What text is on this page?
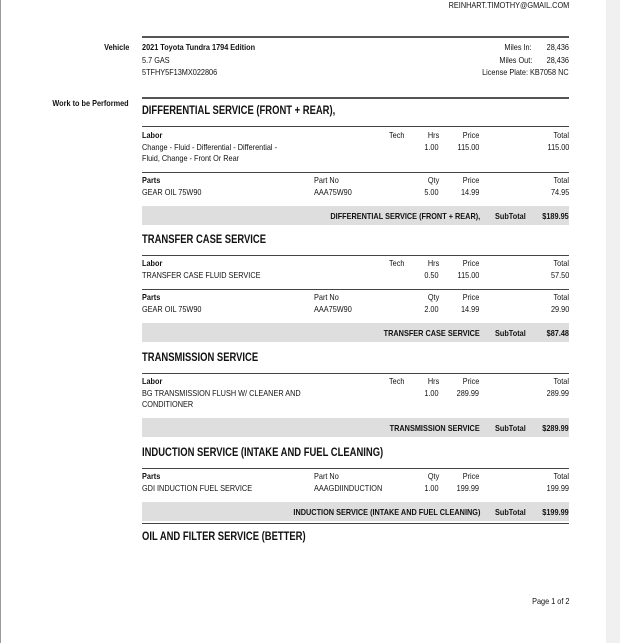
REINHART.TIMOTHY@GMAIL.COM
Vehicle 2021 Toyota Tundra 1794 Edition
5.7 GAS
5TFHY5F13MX022806
Miles In: 28,436
Miles Out: 28,436
License Plate: KB7058 NC
Work to be Performed
DIFFERENTIAL SERVICE (FRONT + REAR),
Labor	Tech	Hrs	Price	Total
Change - Fluid - Differential - Differential -
Fluid, Change - Front Or Rear
1.00 115.00	115.00
Parts	Part No	Qty	Price	Total
GEAR OIL 75W90	AAA75W90	5.00	14.99	74.95
DIFFERENTIAL SERVICE (FRONT + REAR), SubTotal $189.95
TRANSFER CASE SERVICE
Labor	Tech	Hrs	Price	Total
TRANSFER CASE FLUID SERVICE	0.50 115.00	57.50
Parts	Part No	Qty	Price	Total
GEAR OIL 75W90	AAA75W90	2.00	14.99	29.90
TRANSFER CASE SERVICE SubTotal $87.48
TRANSMISSION SERVICE
Labor	Tech	Hrs	Price	Total
BG TRANSMISSION FLUSH W/ CLEANER AND
CONDITIONER
1.00 289.99	289.99
TRANSMISSION SERVICE SubTotal $289.99
INDUCTION SERVICE (INTAKE AND FUEL CLEANING)
Parts	Part No	Qty	Price	Total
GDI INDUCTION FUEL SERVICE	AAAGDIINDUCTION	1.00 199.99	199.99
INDUCTION SERVICE (INTAKE AND FUEL CLEANING) SubTotal $199.99
OIL AND FILTER SERVICE (BETTER)
Page 1 of 2
